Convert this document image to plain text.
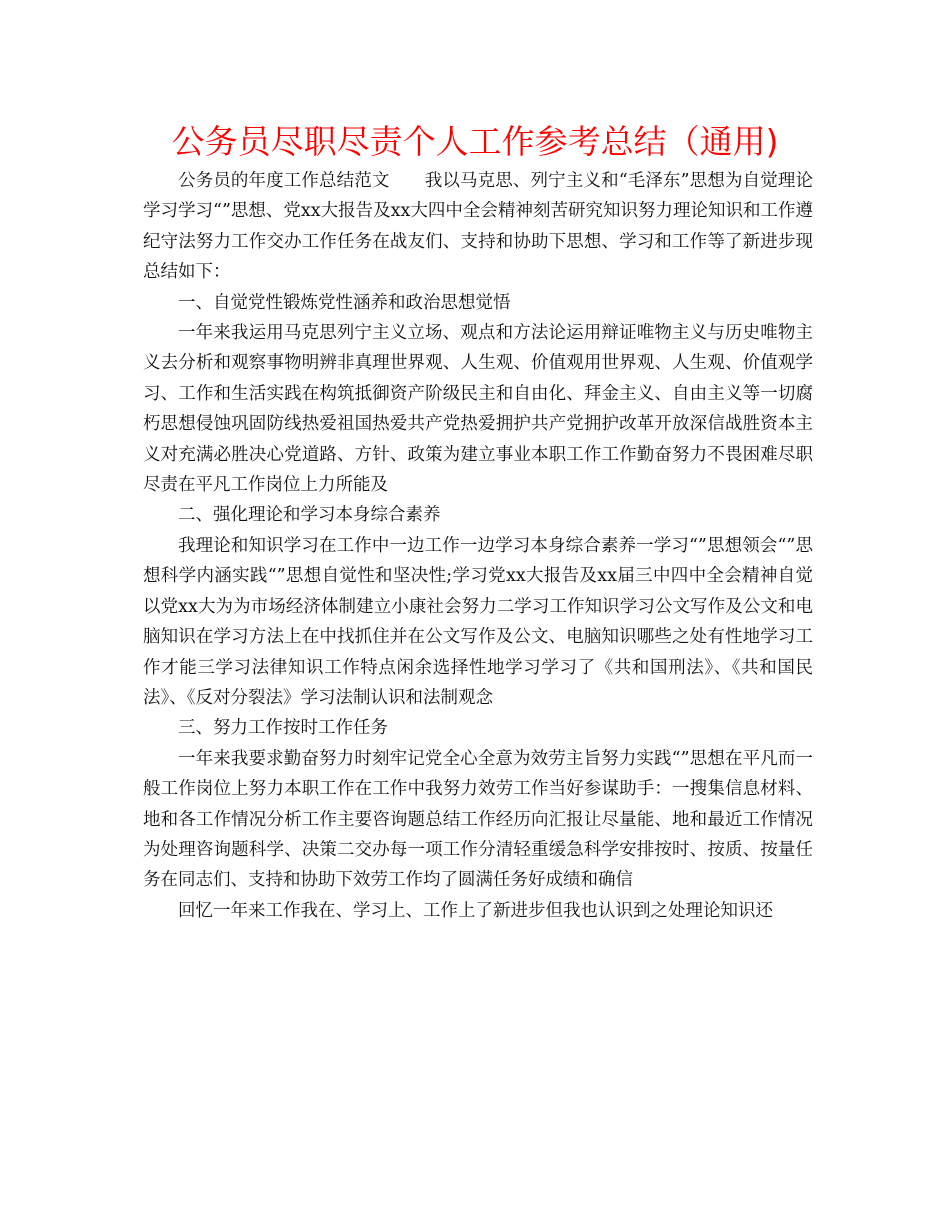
公务员尽职尽责个人工作参考总结（通用)

公务员的年度工作总结范文　　我以马克思、列宁主义和“毛泽东”思想为自觉理论学习学习“”思想、党xx大报告及xx大四中全会精神刻苦研究知识努力理论知识和工作遵纪守法努力工作交办工作任务在战友们、支持和协助下思想、学习和工作等了新进步现总结如下：

一、自觉党性锻炼党性涵养和政治思想觉悟

一年来我运用马克思列宁主义立场、观点和方法论运用辩证唯物主义与历史唯物主义去分析和观察事物明辨非真理世界观、人生观、价值观用世界观、人生观、价值观学习、工作和生活实践在构筑抵御资产阶级民主和自由化、拜金主义、自由主义等一切腐朽思想侵蚀巩固防线热爱祖国热爱共产党热爱拥护共产党拥护改革开放深信战胜资本主义对充满必胜决心党道路、方针、政策为建立事业本职工作工作勤奋努力不畏困难尽职尽责在平凡工作岗位上力所能及

二、强化理论和学习本身综合素养

我理论和知识学习在工作中一边工作一边学习本身综合素养一学习“”思想领会“”思想科学内涵实践“”思想自觉性和坚决性;学习党xx大报告及xx届三中四中全会精神自觉以党xx大为为市场经济体制建立小康社会努力二学习工作知识学习公文写作及公文和电脑知识在学习方法上在中找抓住并在公文写作及公文、电脑知识哪些之处有性地学习工作才能三学习法律知识工作特点闲余选择性地学习学习了《共和国刑法》、《共和国民法》、《反对分裂法》学习法制认识和法制观念

三、努力工作按时工作任务

一年来我要求勤奋努力时刻牢记党全心全意为效劳主旨努力实践“”思想在平凡而一般工作岗位上努力本职工作在工作中我努力效劳工作当好参谋助手：一搜集信息材料、地和各工作情况分析工作主要咨询题总结工作经历向汇报让尽量能、地和最近工作情况为处理咨询题科学、决策二交办每一项工作分清轻重缓急科学安排按时、按质、按量任务在同志们、支持和协助下效劳工作均了圆满任务好成绩和确信

回忆一年来工作我在、学习上、工作上了新进步但我也认识到之处理论知识还
